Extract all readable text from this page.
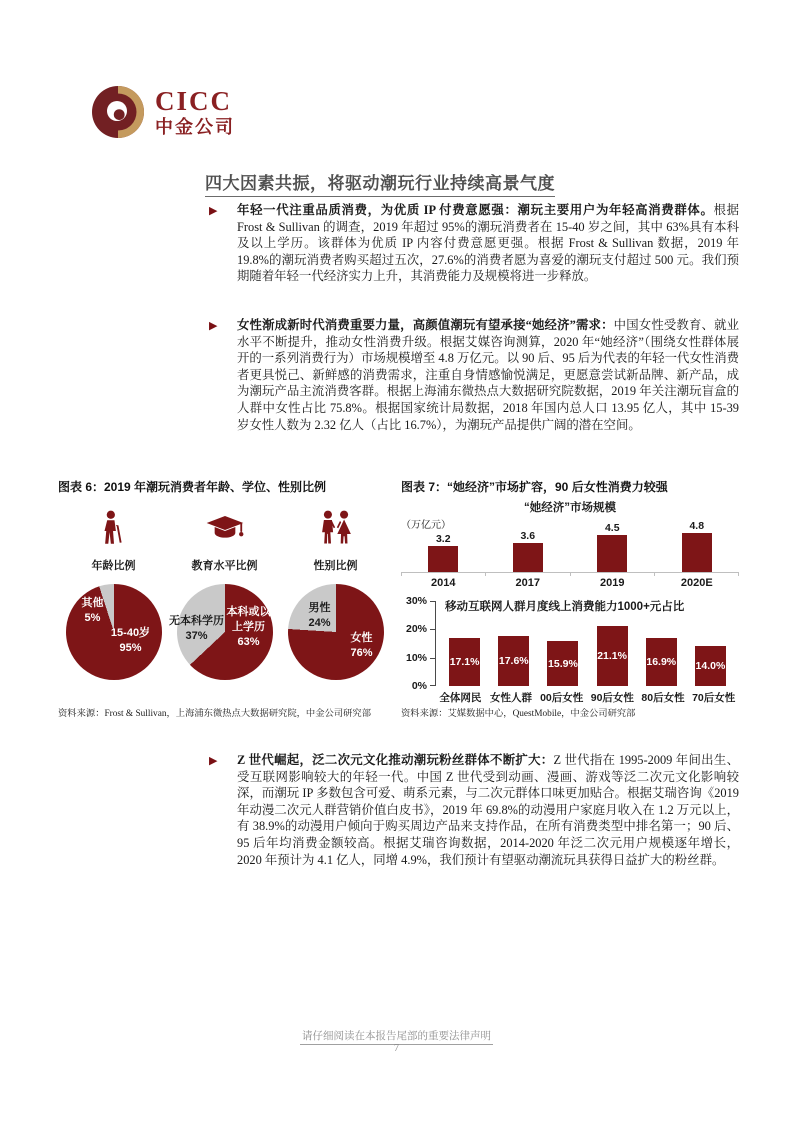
CICC
中金公司
四大因素共振，将驱动潮玩行业持续高景气度
▶ 年轻一代注重品质消费，为优质 IP 付费意愿强：潮玩主要用户为年轻高消费群体。根据 Frost & Sullivan 的调查，2019 年超过 95%的潮玩消费者在 15-40 岁之间，其中 63%具有本科及以上学历。该群体为优质 IP 内容付费意愿更强。根据 Frost & Sullivan 数据，2019 年 19.8%的潮玩消费者购买超过五次，27.6%的消费者愿为喜爱的潮玩支付超过 500 元。我们预期随着年轻一代经济实力上升，其消费能力及规模将进一步释放。
▶ 女性渐成新时代消费重要力量，高颜值潮玩有望承接“她经济”需求：中国女性受教育、就业水平不断提升，推动女性消费升级。根据艾媒咨询测算，2020 年“她经济”（围绕女性群体展开的一系列消费行为）市场规模增至 4.8 万亿元。以 90 后、95 后为代表的年轻一代女性消费者更具悦己、新鲜感的消费需求，注重自身情感愉悦满足，更愿意尝试新品牌、新产品，成为潮玩产品主流消费客群。根据上海浦东微热点大数据研究院数据，2019 年关注潮玩盲盒的人群中女性占比 75.8%。根据国家统计局数据，2018 年国内总人口 13.95 亿人，其中 15-39 岁女性人数为 2.32 亿人（占比 16.7%），为潮玩产品提供广阔的潜在空间。
图表 6：2019 年潮玩消费者年龄、学位、性别比例
年龄比例	教育水平比例	性别比例
其他
5%
15-40岁
95%
无本科学历
37%
本科或以上学历
63%
男性
24%
女性
76%
资料来源：Frost & Sullivan，上海浦东微热点大数据研究院，中金公司研究部
图表 7：“她经济”市场扩容，90 后女性消费力较强
“她经济”市场规模
（万亿元）
3.2	3.6
4.5	4.8
2014	2017	2019	2020E
移动互联网人群月度线上消费能力1000+元占比
30%
20%
10%
0%
17.1% 17.6% 15.9%
21.1% 16.9% 14.0%
全体网民 女性人群 00后女性 90后女性 80后女性 70后女性
资料来源：艾媒数据中心，QuestMobile，中金公司研究部
▶ Z 世代崛起，泛二次元文化推动潮玩粉丝群体不断扩大：Z 世代指在 1995-2009 年间出生、受互联网影响较大的年轻一代。中国 Z 世代受到动画、漫画、游戏等泛二次元文化影响较深，而潮玩 IP 多数包含可爱、萌系元素，与二次元群体口味更加贴合。根据艾瑞咨询《2019 年动漫二次元人群营销价值白皮书》，2019 年 69.8%的动漫用户家庭月收入在 1.2 万元以上，有 38.9%的动漫用户倾向于购买周边产品来支持作品，在所有消费类型中排名第一；90 后、95 后年均消费金额较高。根据艾瑞咨询数据，2014-2020 年泛二次元用户规模逐年增长，2020 年预计为 4.1 亿人，同增 4.9%，我们预计有望驱动潮流玩具获得日益扩大的粉丝群。
请仔细阅读在本报告尾部的重要法律声明
7
